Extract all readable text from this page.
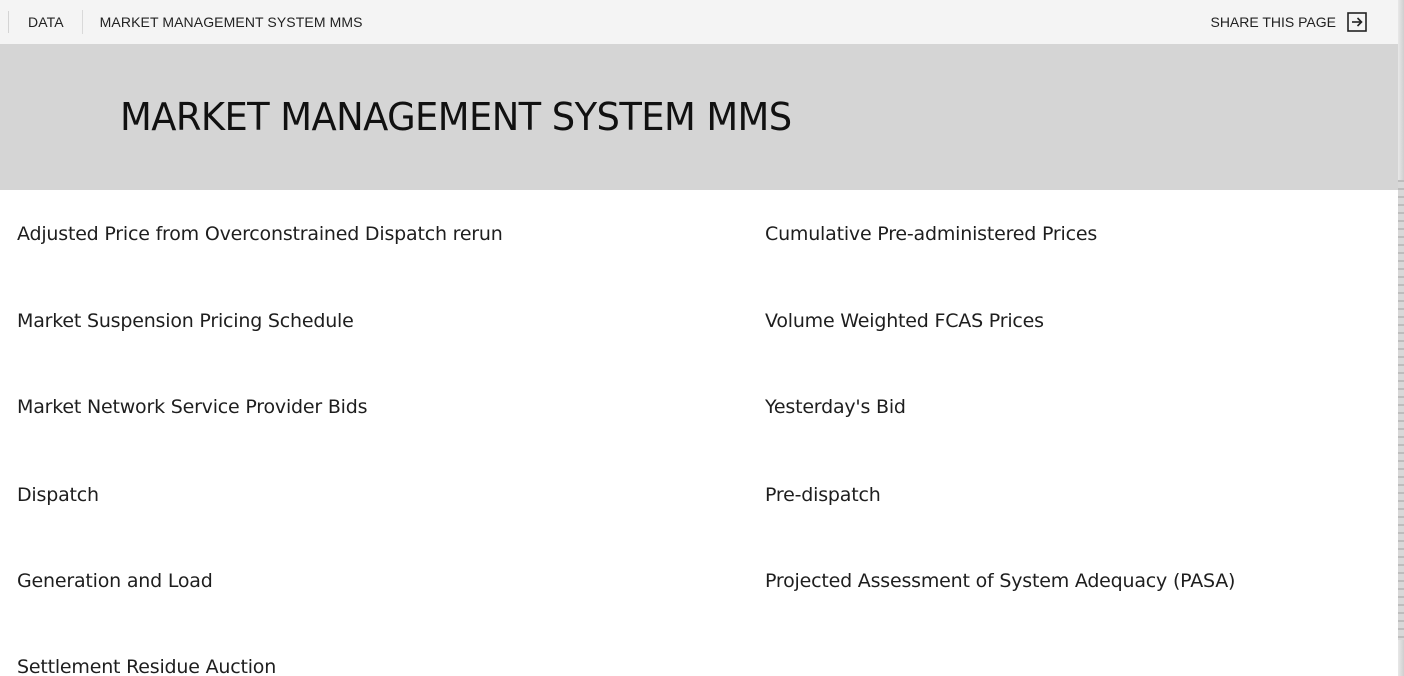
DATA	MARKET MANAGEMENT SYSTEM MMS	SHARE THIS PAGE
MARKET MANAGEMENT SYSTEM MMS
Adjusted Price from Overconstrained Dispatch rerun
Market Suspension Pricing Schedule
Market Network Service Provider Bids
Dispatch
Generation and Load
Settlement Residue Auction
Cumulative Pre-administered Prices
Volume Weighted FCAS Prices
Yesterday's Bid
Pre-dispatch
Projected Assessment of System Adequacy (PASA)
